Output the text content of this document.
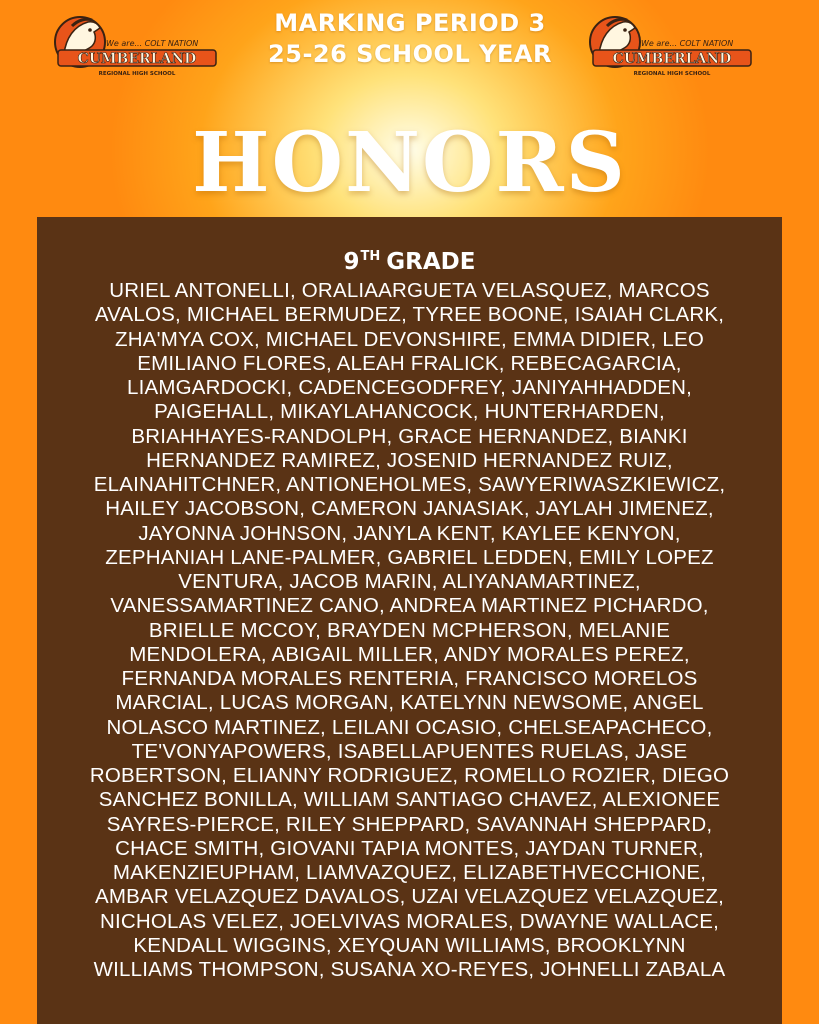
We are... COLT NATION
CUMBERLAND
REGIONAL HIGH SCHOOL
We are... COLT NATION
CUMBERLAND
REGIONAL HIGH SCHOOL
MARKING PERIOD 3
25-26 SCHOOL YEAR
HONORS
9TH GRADE
URIEL ANTONELLI, ORALIAARGUETA VELASQUEZ, MARCOS
AVALOS, MICHAEL BERMUDEZ, TYREE BOONE, ISAIAH CLARK,
ZHA'MYA COX, MICHAEL DEVONSHIRE, EMMA DIDIER, LEO
EMILIANO FLORES, ALEAH FRALICK, REBECAGARCIA,
LIAMGARDOCKI, CADENCEGODFREY, JANIYAHHADDEN,
PAIGEHALL, MIKAYLAHANCOCK, HUNTERHARDEN,
BRIAHHAYES-RANDOLPH, GRACE HERNANDEZ, BIANKI
HERNANDEZ RAMIREZ, JOSENID HERNANDEZ RUIZ,
ELAINAHITCHNER, ANTIONEHOLMES, SAWYERIWASZKIEWICZ,
HAILEY JACOBSON, CAMERON JANASIAK, JAYLAH JIMENEZ,
JAYONNA JOHNSON, JANYLA KENT, KAYLEE KENYON,
ZEPHANIAH LANE-PALMER, GABRIEL LEDDEN, EMILY LOPEZ
VENTURA, JACOB MARIN, ALIYANAMARTINEZ,
VANESSAMARTINEZ CANO, ANDREA MARTINEZ PICHARDO,
BRIELLE MCCOY, BRAYDEN MCPHERSON, MELANIE
MENDOLERA, ABIGAIL MILLER, ANDY MORALES PEREZ,
FERNANDA MORALES RENTERIA, FRANCISCO MORELOS
MARCIAL, LUCAS MORGAN, KATELYNN NEWSOME, ANGEL
NOLASCO MARTINEZ, LEILANI OCASIO, CHELSEAPACHECO,
TE'VONYAPOWERS, ISABELLAPUENTES RUELAS, JASE
ROBERTSON, ELIANNY RODRIGUEZ, ROMELLO ROZIER, DIEGO
SANCHEZ BONILLA, WILLIAM SANTIAGO CHAVEZ, ALEXIONEE
SAYRES-PIERCE, RILEY SHEPPARD, SAVANNAH SHEPPARD,
CHACE SMITH, GIOVANI TAPIA MONTES, JAYDAN TURNER,
MAKENZIEUPHAM, LIAMVAZQUEZ, ELIZABETHVECCHIONE,
AMBAR VELAZQUEZ DAVALOS, UZAI VELAZQUEZ VELAZQUEZ,
NICHOLAS VELEZ, JOELVIVAS MORALES, DWAYNE WALLACE,
KENDALL WIGGINS, XEYQUAN WILLIAMS, BROOKLYNN
WILLIAMS THOMPSON, SUSANA XO-REYES, JOHNELLI ZABALA
